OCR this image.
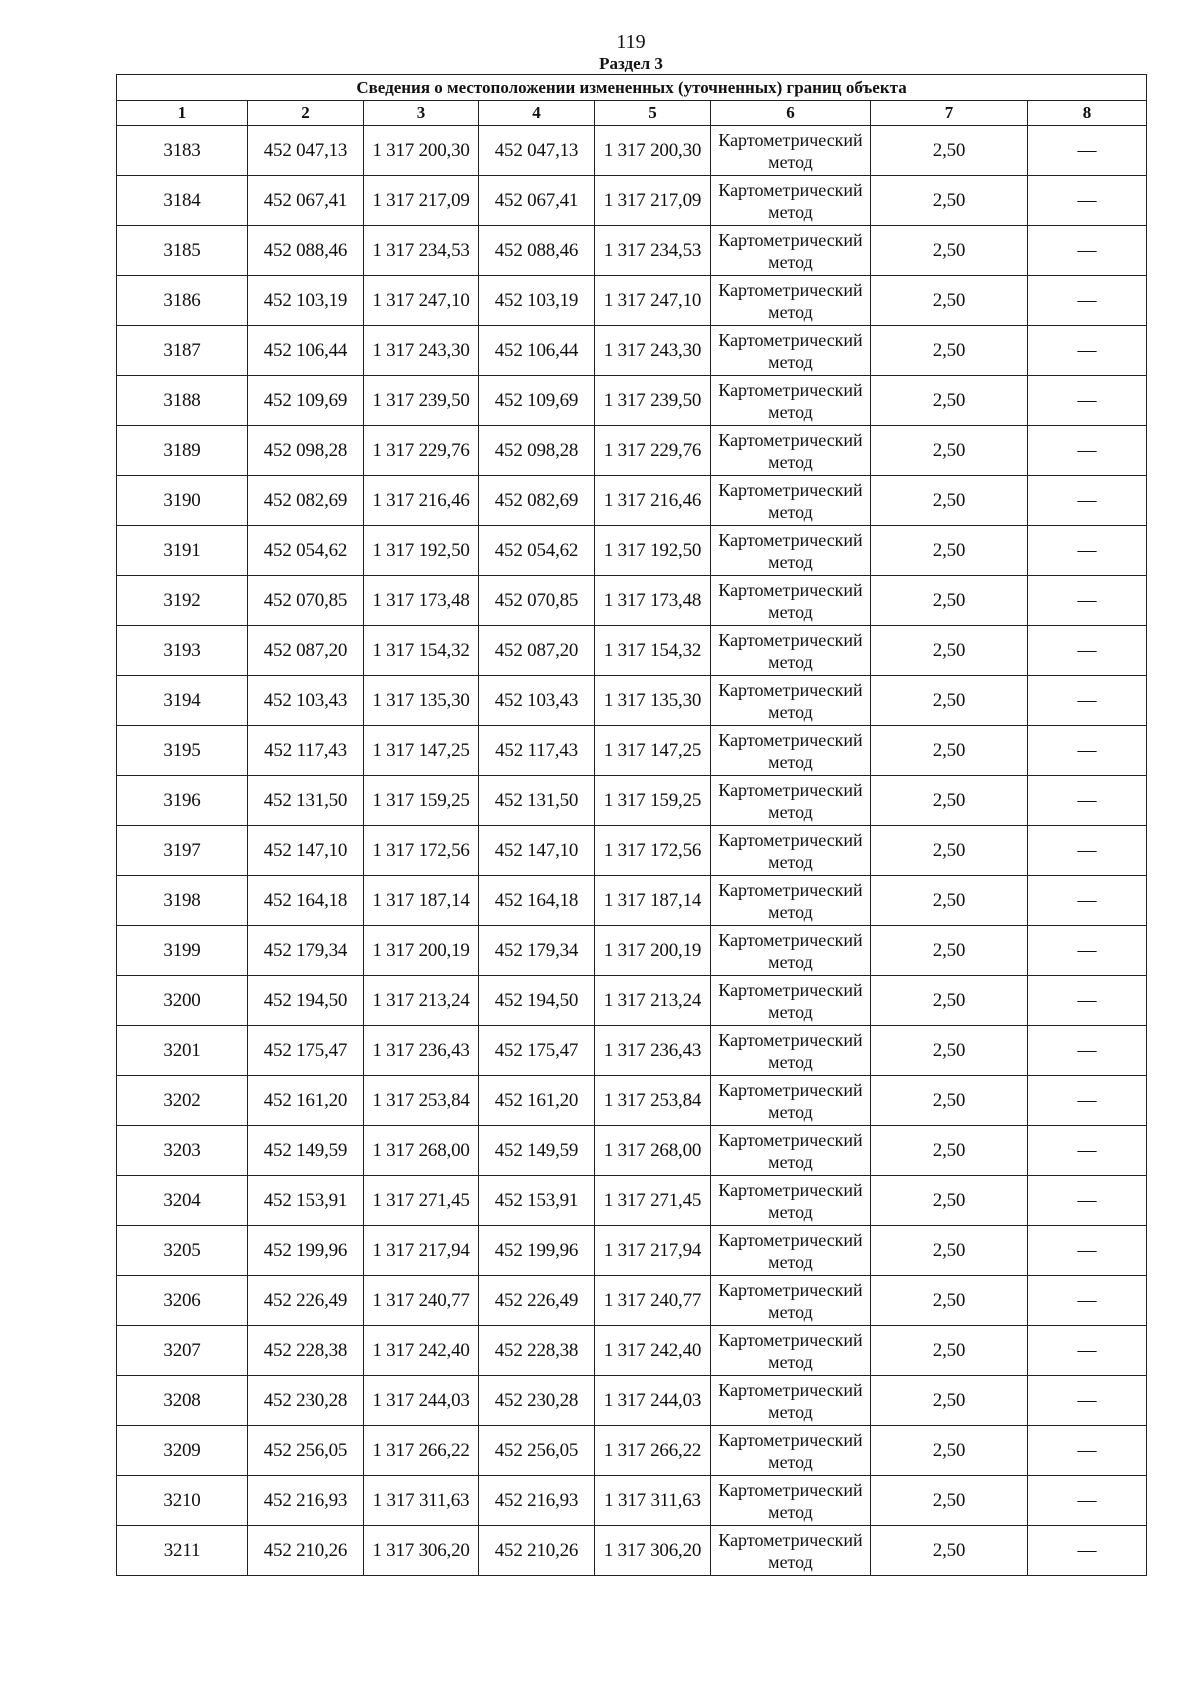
119
Раздел 3
Сведения о местоположении измененных (уточненных) границ объекта							
1	2	3	4	5	6	7	8
3183	452 047,13	1 317 200,30	452 047,13	1 317 200,30	Картометрический метод	2,50	—
3184	452 067,41	1 317 217,09	452 067,41	1 317 217,09	Картометрический метод	2,50	—
3185	452 088,46	1 317 234,53	452 088,46	1 317 234,53	Картометрический метод	2,50	—
3186	452 103,19	1 317 247,10	452 103,19	1 317 247,10	Картометрический метод	2,50	—
3187	452 106,44	1 317 243,30	452 106,44	1 317 243,30	Картометрический метод	2,50	—
3188	452 109,69	1 317 239,50	452 109,69	1 317 239,50	Картометрический метод	2,50	—
3189	452 098,28	1 317 229,76	452 098,28	1 317 229,76	Картометрический метод	2,50	—
3190	452 082,69	1 317 216,46	452 082,69	1 317 216,46	Картометрический метод	2,50	—
3191	452 054,62	1 317 192,50	452 054,62	1 317 192,50	Картометрический метод	2,50	—
3192	452 070,85	1 317 173,48	452 070,85	1 317 173,48	Картометрический метод	2,50	—
3193	452 087,20	1 317 154,32	452 087,20	1 317 154,32	Картометрический метод	2,50	—
3194	452 103,43	1 317 135,30	452 103,43	1 317 135,30	Картометрический метод	2,50	—
3195	452 117,43	1 317 147,25	452 117,43	1 317 147,25	Картометрический метод	2,50	—
3196	452 131,50	1 317 159,25	452 131,50	1 317 159,25	Картометрический метод	2,50	—
3197	452 147,10	1 317 172,56	452 147,10	1 317 172,56	Картометрический метод	2,50	—
3198	452 164,18	1 317 187,14	452 164,18	1 317 187,14	Картометрический метод	2,50	—
3199	452 179,34	1 317 200,19	452 179,34	1 317 200,19	Картометрический метод	2,50	—
3200	452 194,50	1 317 213,24	452 194,50	1 317 213,24	Картометрический метод	2,50	—
3201	452 175,47	1 317 236,43	452 175,47	1 317 236,43	Картометрический метод	2,50	—
3202	452 161,20	1 317 253,84	452 161,20	1 317 253,84	Картометрический метод	2,50	—
3203	452 149,59	1 317 268,00	452 149,59	1 317 268,00	Картометрический метод	2,50	—
3204	452 153,91	1 317 271,45	452 153,91	1 317 271,45	Картометрический метод	2,50	—
3205	452 199,96	1 317 217,94	452 199,96	1 317 217,94	Картометрический метод	2,50	—
3206	452 226,49	1 317 240,77	452 226,49	1 317 240,77	Картометрический метод	2,50	—
3207	452 228,38	1 317 242,40	452 228,38	1 317 242,40	Картометрический метод	2,50	—
3208	452 230,28	1 317 244,03	452 230,28	1 317 244,03	Картометрический метод	2,50	—
3209	452 256,05	1 317 266,22	452 256,05	1 317 266,22	Картометрический метод	2,50	—
3210	452 216,93	1 317 311,63	452 216,93	1 317 311,63	Картометрический метод	2,50	—
3211	452 210,26	1 317 306,20	452 210,26	1 317 306,20	Картометрический метод	2,50	—
